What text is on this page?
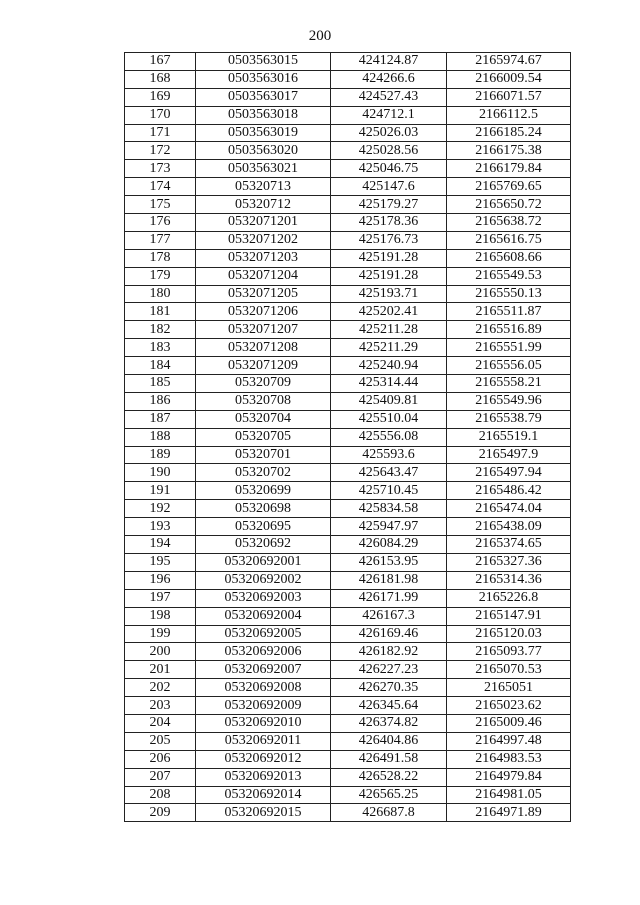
200
167	0503563015	424124.87	2165974.67
168	0503563016	424266.6	2166009.54
169	0503563017	424527.43	2166071.57
170	0503563018	424712.1	2166112.5
171	0503563019	425026.03	2166185.24
172	0503563020	425028.56	2166175.38
173	0503563021	425046.75	2166179.84
174	05320713	425147.6	2165769.65
175	05320712	425179.27	2165650.72
176	0532071201	425178.36	2165638.72
177	0532071202	425176.73	2165616.75
178	0532071203	425191.28	2165608.66
179	0532071204	425191.28	2165549.53
180	0532071205	425193.71	2165550.13
181	0532071206	425202.41	2165511.87
182	0532071207	425211.28	2165516.89
183	0532071208	425211.29	2165551.99
184	0532071209	425240.94	2165556.05
185	05320709	425314.44	2165558.21
186	05320708	425409.81	2165549.96
187	05320704	425510.04	2165538.79
188	05320705	425556.08	2165519.1
189	05320701	425593.6	2165497.9
190	05320702	425643.47	2165497.94
191	05320699	425710.45	2165486.42
192	05320698	425834.58	2165474.04
193	05320695	425947.97	2165438.09
194	05320692	426084.29	2165374.65
195	05320692001	426153.95	2165327.36
196	05320692002	426181.98	2165314.36
197	05320692003	426171.99	2165226.8
198	05320692004	426167.3	2165147.91
199	05320692005	426169.46	2165120.03
200	05320692006	426182.92	2165093.77
201	05320692007	426227.23	2165070.53
202	05320692008	426270.35	2165051
203	05320692009	426345.64	2165023.62
204	05320692010	426374.82	2165009.46
205	05320692011	426404.86	2164997.48
206	05320692012	426491.58	2164983.53
207	05320692013	426528.22	2164979.84
208	05320692014	426565.25	2164981.05
209	05320692015	426687.8	2164971.89
